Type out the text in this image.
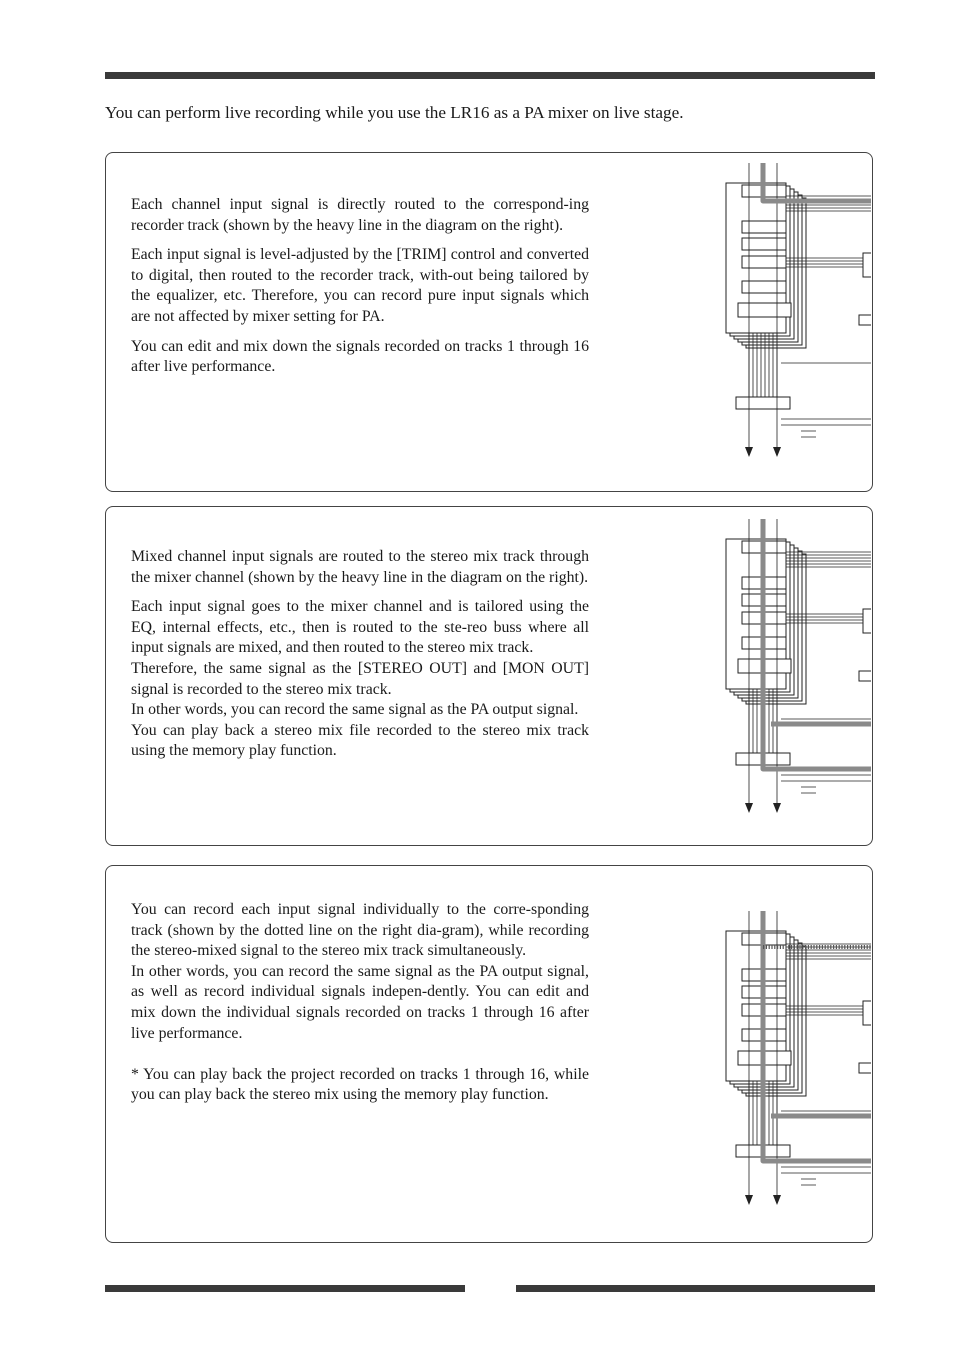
You can perform live recording while you use the LR16 as a PA mixer on live stage.

Each channel input signal is directly routed to the correspond-ing recorder track (shown by the heavy line in the diagram on the right).

Each input signal is level-adjusted by the [TRIM] control and converted to digital, then routed to the recorder track, with-out being tailored by the equalizer, etc. Therefore, you can record pure input signals which are not affected by mixer setting for PA.

You can edit and mix down the signals recorded on tracks 1 through 16 after live performance.

Mixed channel input signals are routed to the stereo mix track through the mixer channel (shown by the heavy line in the diagram on the right).

Each input signal goes to the mixer channel and is tailored using the EQ, internal effects, etc., then is routed to the ste-reo buss where all input signals are mixed, and then routed to the stereo mix track.

Therefore, the same signal as the [STEREO OUT] and [MON OUT] signal is recorded to the stereo mix track.

In other words, you can record the same signal as the PA output signal.

You can play back a stereo mix file recorded to the stereo mix track using the memory play function.

You can record each input signal individually to the corre-sponding track (shown by the dotted line on the right dia-gram), while recording the stereo-mixed signal to the stereo mix track simultaneously.

In other words, you can record the same signal as the PA output signal, as well as record individual signals indepen-dently. You can edit and mix down the individual signals recorded on tracks 1 through 16 after live performance.

* You can play back the project recorded on tracks 1 through 16, while you can play back the stereo mix using the memory play function.
